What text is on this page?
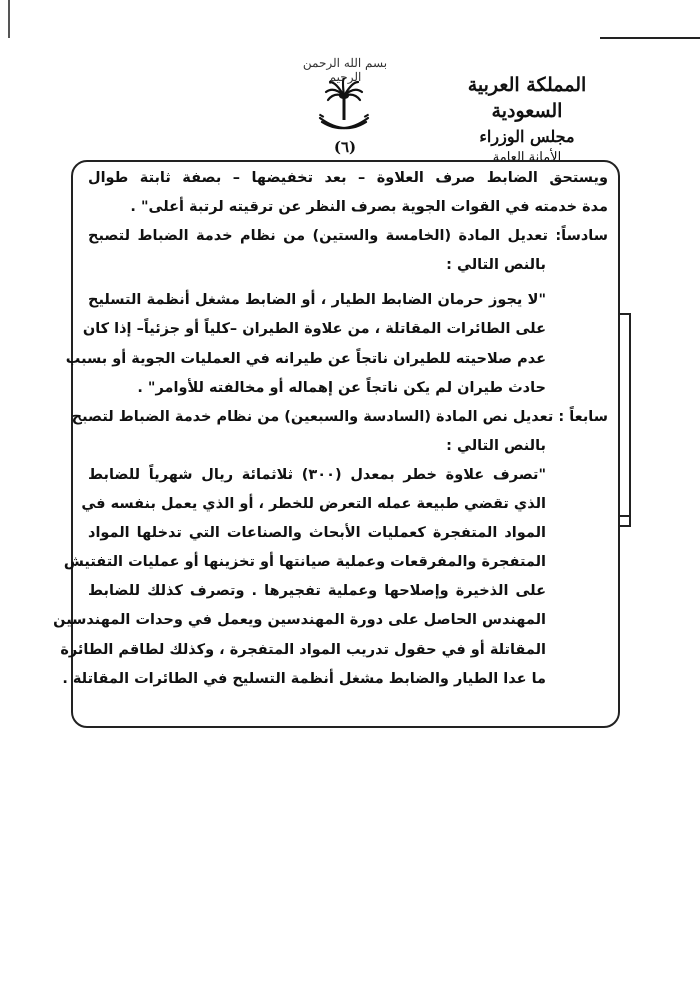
بسم الله الرحمن الرحيم
(٦)
المملكة العربية السعودية
مجلس الوزراء
الأمانة العامة
ويستحق الضابط صرف العلاوة – بعد تخفيضها – بصفة ثابتة طوال
مدة خدمته في القوات الجوية بصرف النظر عن ترقيته لرتبة أعلى" .
سادساً: تعديل المادة (الخامسة والستين) من نظام خدمة الضباط لتصبح
بالنص التالي :
"لا يجوز حرمان الضابط الطيار ، أو الضابط مشغل أنظمة التسليح
على الطائرات المقاتلة ، من علاوة الطيران –كلياً أو جزئياً– إذا كان
عدم صلاحيته للطيران ناتجاً عن طيرانه في العمليات الجوية أو بسبب
حادث طيران لم يكن ناتجاً عن إهماله أو مخالفته للأوامر" .
سابعاً : تعديل نص المادة (السادسة والسبعين) من نظام خدمة الضباط لتصبح
بالنص التالي :
"تصرف علاوة خطر بمعدل (٣٠٠) ثلاثمائة ريال شهرياً للضابط
الذي تقضي طبيعة عمله التعرض للخطر ، أو الذي يعمل بنفسه في
المواد المتفجرة كعمليات الأبحاث والصناعات التي تدخلها المواد
المتفجرة والمفرقعات وعملية صيانتها أو تخزينها أو عمليات التفتيش
على الذخيرة وإصلاحها وعملية تفجيرها . وتصرف كذلك للضابط
المهندس الحاصل على دورة المهندسين ويعمل في وحدات المهندسين
المقاتلة أو في حقول تدريب المواد المتفجرة ، وكذلك لطاقم الطائرة
ما عدا الطيار والضابط مشغل أنظمة التسليح في الطائرات المقاتلة .
